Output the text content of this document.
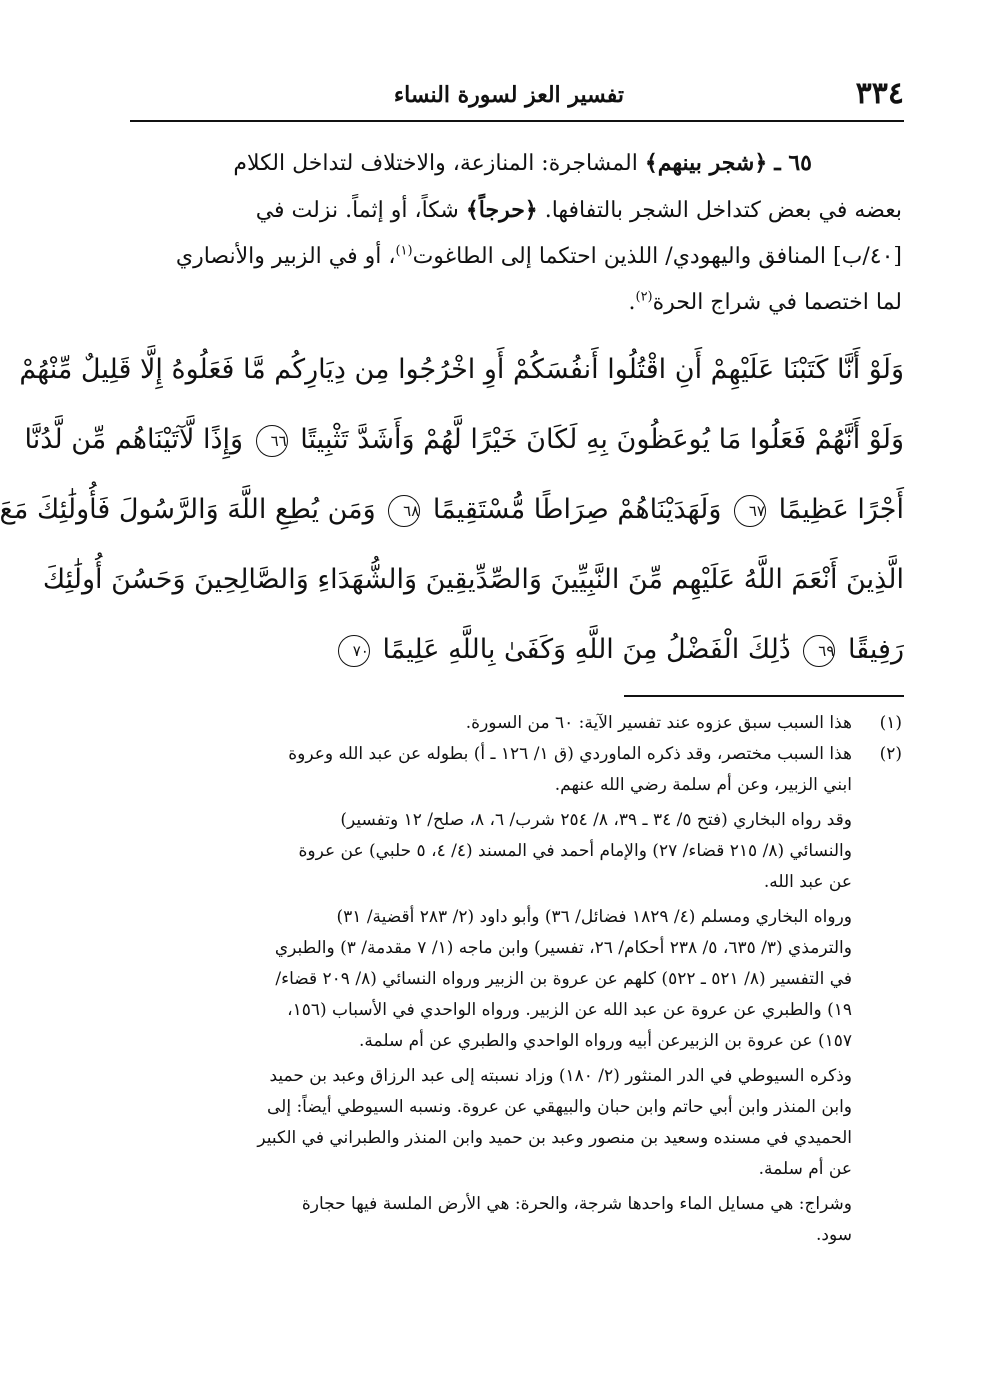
٣٣٤
تفسير العز لسورة النساء
٦٥ ـ ﴿شجر بينهم﴾ المشاجرة: المنازعة، والاختلاف لتداخل الكلام
بعضه في بعض كتداخل الشجر بالتفافها. ﴿حرجاً﴾ شكاً، أو إثماً. نزلت في
[٤٠/ب] المنافق واليهودي/ اللذين احتكما إلى الطاغوت$^{(١)}$، أو في الزبير والأنصاري
لما اختصما في شراج الحرة$^{(٢)}$.
وَلَوْ أَنَّا كَتَبْنَا عَلَيْهِمْ أَنِ اقْتُلُوا أَنفُسَكُمْ أَوِ اخْرُجُوا مِن دِيَارِكُم مَّا فَعَلُوهُ إِلَّا قَلِيلٌ مِّنْهُمْ
وَلَوْ أَنَّهُمْ فَعَلُوا مَا يُوعَظُونَ بِهِ لَكَانَ خَيْرًا لَّهُمْ وَأَشَدَّ تَثْبِيتًا ٦٦ وَإِذًا لَّآتَيْنَاهُم مِّن لَّدُنَّا
أَجْرًا عَظِيمًا ٦٧ وَلَهَدَيْنَاهُمْ صِرَاطًا مُّسْتَقِيمًا ٦٨ وَمَن يُطِعِ اللَّهَ وَالرَّسُولَ فَأُولَٰئِكَ مَعَ
الَّذِينَ أَنْعَمَ اللَّهُ عَلَيْهِم مِّنَ النَّبِيِّينَ وَالصِّدِّيقِينَ وَالشُّهَدَاءِ وَالصَّالِحِينَ وَحَسُنَ أُولَٰئِكَ
رَفِيقًا ٦٩ ذَٰلِكَ الْفَضْلُ مِنَ اللَّهِ وَكَفَىٰ بِاللَّهِ عَلِيمًا ٧٠
(١)
هذا السبب سبق عزوه عند تفسير الآية: ٦٠ من السورة.
(٢)
هذا السبب مختصر، وقد ذكره الماوردي (ق ١/ ١٢٦ ـ أ) بطوله عن عبد الله وعروة
ابني الزبير، وعن أم سلمة رضي الله عنهم.
وقد رواه البخاري (فتح ٥/ ٣٤ ـ ٣٩، ٨/ ٢٥٤ شرب/ ٦، ٨، صلح/ ١٢ وتفسير)
والنسائي (٨/ ٢١٥ قضاء/ ٢٧) والإمام أحمد في المسند (٤/ ٤، ٥ حلبي) عن عروة
عن عبد الله.
ورواه البخاري ومسلم (٤/ ١٨٢٩ فضائل/ ٣٦) وأبو داود (٢/ ٢٨٣ أقضية/ ٣١)
والترمذي (٣/ ٦٣٥، ٥/ ٢٣٨ أحكام/ ٢٦، تفسير) وابن ماجه (١/ ٧ مقدمة/ ٣) والطبري
في التفسير (٨/ ٥٢١ ـ ٥٢٢) كلهم عن عروة بن الزبير ورواه النسائي (٨/ ٢٠٩ قضاء/
١٩) والطبري عن عروة عن عبد الله عن الزبير. ورواه الواحدي في الأسباب (١٥٦،
١٥٧) عن عروة بن الزبيرعن أبيه ورواه الواحدي والطبري عن أم سلمة.
وذكره السيوطي في الدر المنثور (٢/ ١٨٠) وزاد نسبته إلى عبد الرزاق وعبد بن حميد
وابن المنذر وابن أبي حاتم وابن حبان والبيهقي عن عروة. ونسبه السيوطي أيضاً: إلى
الحميدي في مسنده وسعيد بن منصور وعبد بن حميد وابن المنذر والطبراني في الكبير
عن أم سلمة.
وشراج: هي مسايل الماء واحدها شرجة، والحرة: هي الأرض الملسة فيها حجارة
سود.
